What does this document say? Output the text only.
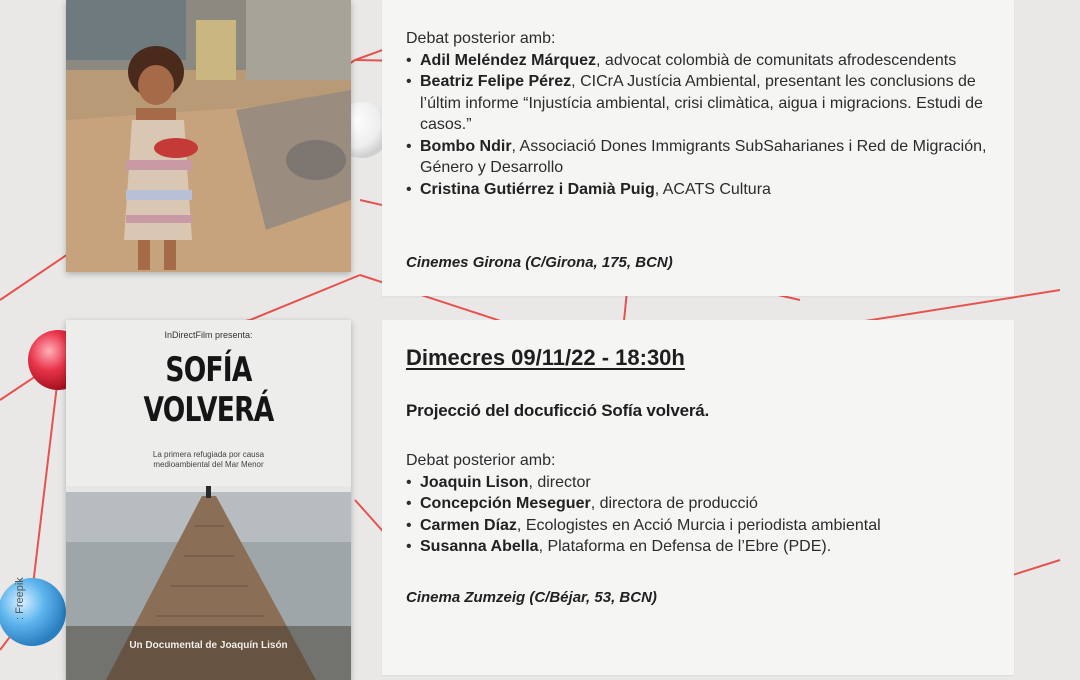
Debat posterior amb:

• Adil Meléndez Márquez, advocat colombià de comunitats afrodescendents
• Beatriz Felipe Pérez, CICrA Justícia Ambiental, presentant les conclusions de l’últim informe “Injustícia ambiental, crisi climàtica, aigua i migracions. Estudi de casos.”
• Bombo Ndir, Associació Dones Immigrants SubSaharianes i Red de Migración, Género y Desarrollo
• Cristina Gutiérrez i Damià Puig, ACATS Cultura
Cinemes Girona (C/Girona, 175, BCN)
InDirectFilm presenta:
SOFÍA
VOLVERÁ
La primera refugiada por causa
medioambiental del Mar Menor
Un Documental de Joaquín Lisón
Dimecres 09/11/22 - 18:30h
Projecció del docuficció Sofía volverá.

Debat posterior amb:

• Joaquin Lison, director
• Concepción Meseguer, directora de producció
• Carmen Díaz, Ecologistes en Acció Murcia i periodista ambiental
• Susanna Abella, Plataforma en Defensa de l’Ebre (PDE).
Cinema Zumzeig (C/Béjar, 53, BCN)
: Freepik
